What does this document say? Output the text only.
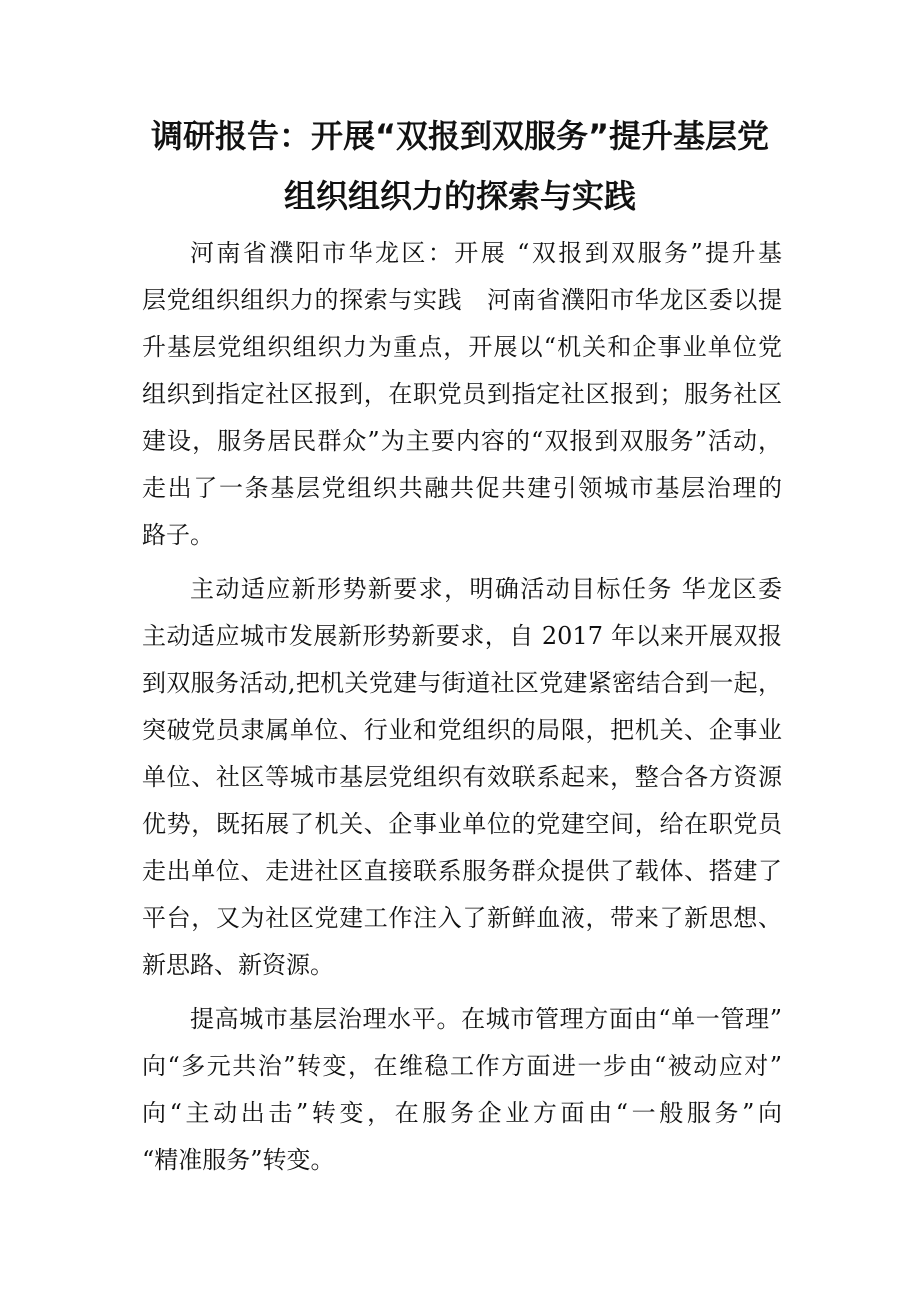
调研报告：开展“双报到双服务”提升基层党
组织组织力的探索与实践
河南省濮阳市华龙区：开展 “双报到双服务”提升基
层党组织组织力的探索与实践　河南省濮阳市华龙区委以提
升基层党组织组织力为重点，开展以“机关和企事业单位党
组织到指定社区报到，在职党员到指定社区报到；服务社区
建设，服务居民群众”为主要内容的“双报到双服务”活动，
走出了一条基层党组织共融共促共建引领城市基层治理的
路子。
主动适应新形势新要求，明确活动目标任务 华龙区委
主动适应城市发展新形势新要求，自 2017 年以来开展双报
到双服务活动,把机关党建与街道社区党建紧密结合到一起，
突破党员隶属单位、行业和党组织的局限，把机关、企事业
单位、社区等城市基层党组织有效联系起来，整合各方资源
优势，既拓展了机关、企事业单位的党建空间，给在职党员
走出单位、走进社区直接联系服务群众提供了载体、搭建了
平台，又为社区党建工作注入了新鲜血液，带来了新思想、
新思路、新资源。
提高城市基层治理水平。在城市管理方面由“单一管理”
向“多元共治”转变，在维稳工作方面进一步由“被动应对”
向“主动出击”转变，在服务企业方面由“一般服务”向
“精准服务”转变。
